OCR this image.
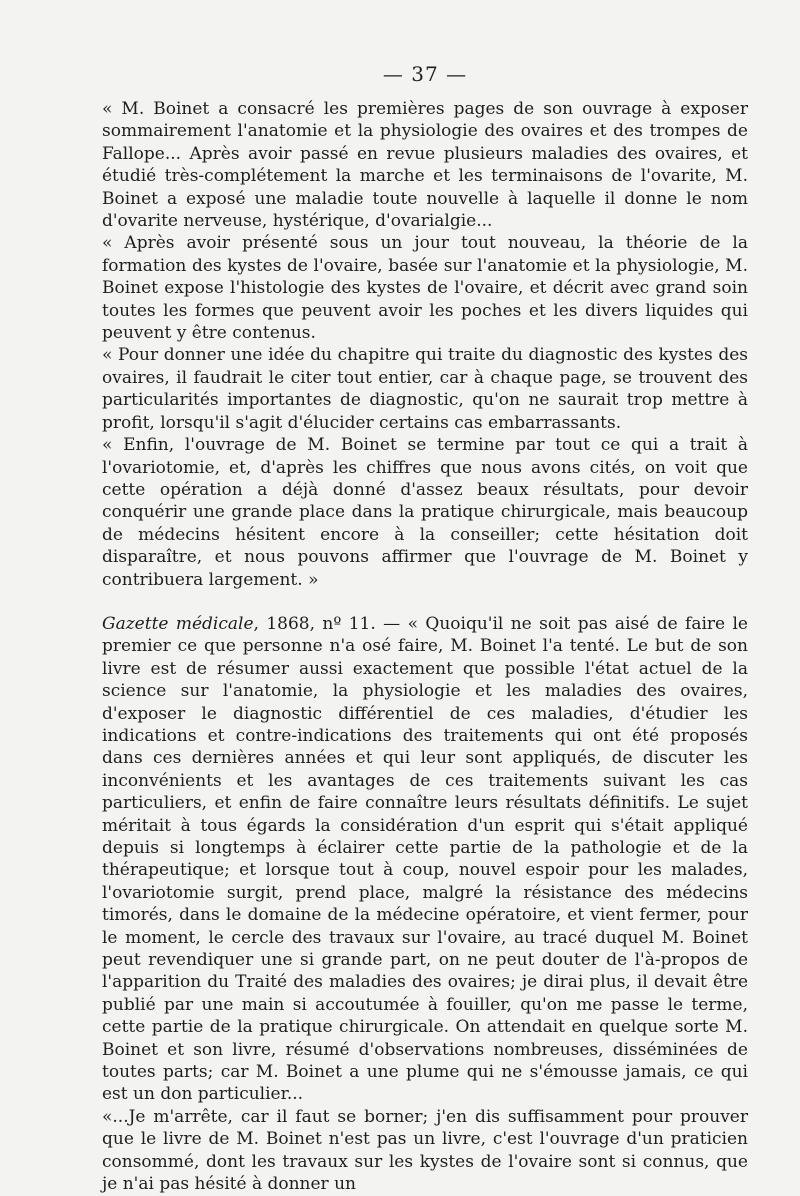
— 37 —

« M. Boinet a consacré les premières pages de son ouvrage à exposer sommairement l'anatomie et la physiologie des ovaires et des trompes de Fallope... Après avoir passé en revue plusieurs maladies des ovaires, et étudié très-complétement la marche et les terminaisons de l'ovarite, M. Boinet a exposé une maladie toute nouvelle à laquelle il donne le nom d'ovarite nerveuse, hystérique, d'ovarialgie...

« Après avoir présenté sous un jour tout nouveau, la théorie de la formation des kystes de l'ovaire, basée sur l'anatomie et la physiologie, M. Boinet expose l'histologie des kystes de l'ovaire, et décrit avec grand soin toutes les formes que peuvent avoir les poches et les divers liquides qui peuvent y être contenus.

« Pour donner une idée du chapitre qui traite du diagnostic des kystes des ovaires, il faudrait le citer tout entier, car à chaque page, se trouvent des particularités importantes de diagnostic, qu'on ne saurait trop mettre à profit, lorsqu'il s'agit d'élucider certains cas embarrassants.

« Enfin, l'ouvrage de M. Boinet se termine par tout ce qui a trait à l'ovariotomie, et, d'après les chiffres que nous avons cités, on voit que cette opération a déjà donné d'assez beaux résultats, pour devoir conquérir une grande place dans la pratique chirurgicale, mais beaucoup de médecins hésitent encore à la conseiller; cette hésitation doit disparaître, et nous pouvons affirmer que l'ouvrage de M. Boinet y contribuera largement. »

Gazette médicale, 1868, nº 11. — « Quoiqu'il ne soit pas aisé de faire le premier ce que personne n'a osé faire, M. Boinet l'a tenté. Le but de son livre est de résumer aussi exactement que possible l'état actuel de la science sur l'anatomie, la physiologie et les maladies des ovaires, d'exposer le diagnostic différentiel de ces maladies, d'étudier les indications et contre-indications des traitements qui ont été proposés dans ces dernières années et qui leur sont appliqués, de discuter les inconvénients et les avantages de ces traitements suivant les cas particuliers, et enfin de faire connaître leurs résultats définitifs. Le sujet méritait à tous égards la considération d'un esprit qui s'était appliqué depuis si longtemps à éclairer cette partie de la pathologie et de la thérapeutique; et lorsque tout à coup, nouvel espoir pour les malades, l'ovariotomie surgit, prend place, malgré la résistance des médecins timorés, dans le domaine de la médecine opératoire, et vient fermer, pour le moment, le cercle des travaux sur l'ovaire, au tracé duquel M. Boinet peut revendiquer une si grande part, on ne peut douter de l'à-propos de l'apparition du Traité des maladies des ovaires; je dirai plus, il devait être publié par une main si accoutumée à fouiller, qu'on me passe le terme, cette partie de la pratique chirurgicale. On attendait en quelque sorte M. Boinet et son livre, résumé d'observations nombreuses, disséminées de toutes parts; car M. Boinet a une plume qui ne s'émousse jamais, ce qui est un don particulier...

«...Je m'arrête, car il faut se borner; j'en dis suffisamment pour prouver que le livre de M. Boinet n'est pas un livre, c'est l'ouvrage d'un praticien consommé, dont les travaux sur les kystes de l'ovaire sont si connus, que je n'ai pas hésité à donner un
